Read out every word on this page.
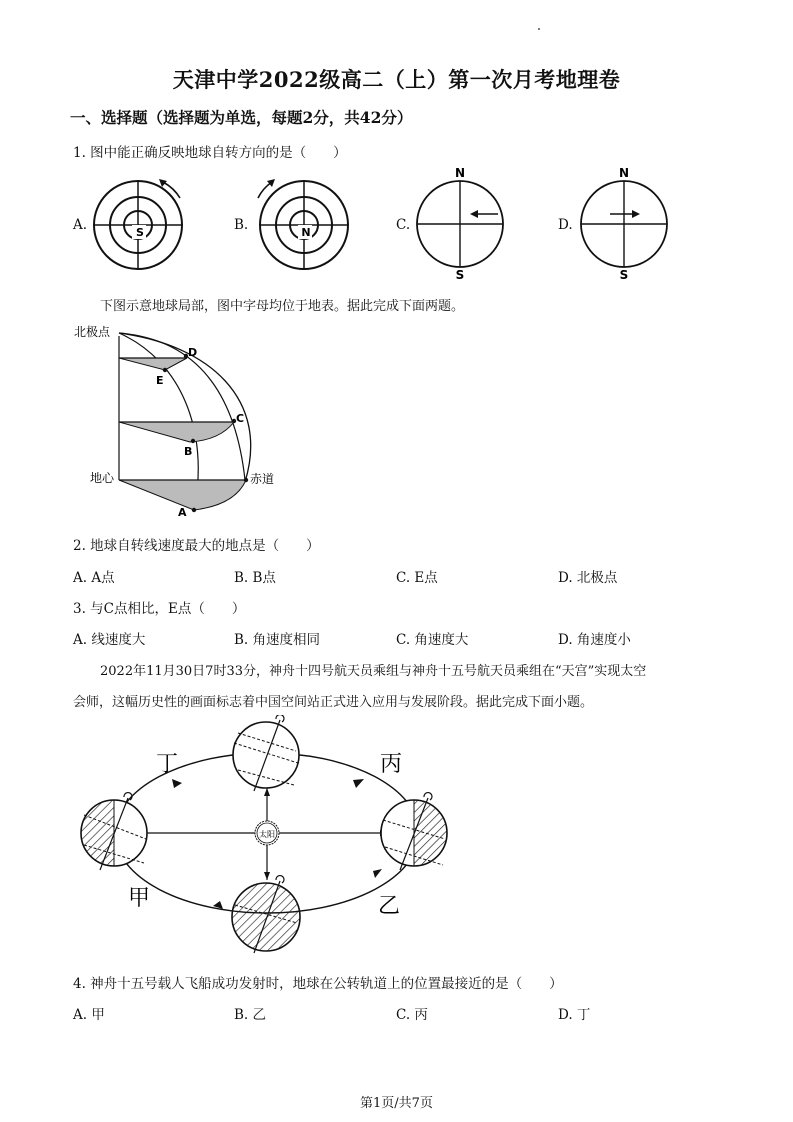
天津中学2022级高二（上）第一次月考地理卷
一、选择题（选择题为单选，每题2分，共42分）
1. 图中能正确反映地球自转方向的是（　　）
A.	S	B.	N	C.
N
S
D.
N
S
下图示意地球局部，图中字母均位于地表。据此完成下面两题。
北极点
地心	赤道
D
E
C
B
A
2. 地球自转线速度最大的地点是（　　）
A. A点	B. B点	C. E点	D. 北极点
3. 与C点相比，E点（　　）
A. 线速度大	B. 角速度相同	C. 角速度大	D. 角速度小
2022年11月30日7时33分，神舟十四号航天员乘组与神舟十五号航天员乘组在“天宫”实现太空
会师，这幅历史性的画面标志着中国空间站正式进入应用与发展阶段。据此完成下面小题。
太阳
丁	丙
甲	乙
4. 神舟十五号载人飞船成功发射时，地球在公转轨道上的位置最接近的是（　　）
A. 甲	B. 乙	C. 丙	D. 丁
第1页/共7页
